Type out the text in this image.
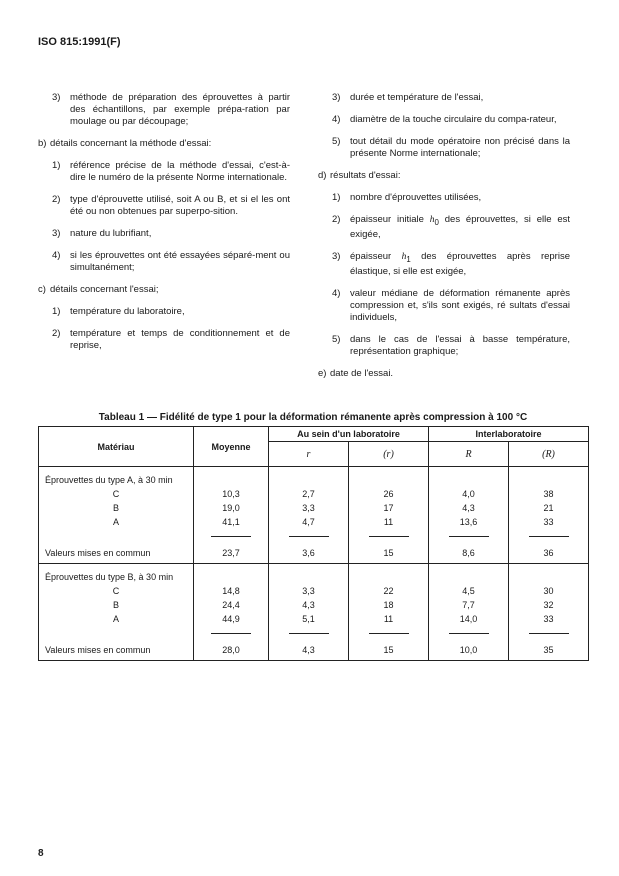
ISO 815:1991(F)
3) méthode de préparation des éprouvettes à partir des échantillons, par exemple prépa-ration par moulage ou par découpage;
b) détails concernant la méthode d'essai:
1) référence précise de la méthode d'essai, c'est-à-dire le numéro de la présente Norme internationale.
2) type d'éprouvette utilisé, soit A ou B, et si el les ont été ou non obtenues par superpo-sition.
3) nature du lubrifiant,
4) si les éprouvettes ont été essayées séparé-ment ou simultanément;
c) détails concernant l'essai;
1) température du laboratoire,
2) température et temps de conditionnement et de reprise,
3) durée et température de l'essai,
4) diamètre de la touche circulaire du compa-rateur,
5) tout détail du mode opératoire non précisé dans la présente Norme internationale;
d) résultats d'essai:
1) nombre d'éprouvettes utilisées,
2) épaisseur initiale $h_0$ des éprouvettes, si elle est exigée,
3) épaisseur $h_1$ des éprouvettes après reprise élastique, si elle est exigée,
4) valeur médiane de déformation rémanente après compression et, s'ils sont exigés, ré sultats d'essai individuels,
5) dans le cas de l'essai à basse température, représentation graphique;
e) date de l'essai.
Tableau 1 — Fidélité de type 1 pour la déformation rémanente après compression à 100 °C
Matériau	Moyenne	Au sein d'un laboratoire		Interlaboratoire	
		r	(r)	R	(R)

Éprouvettes du type A, à 30 min					
C	10,3	2,7	26	4,0	38
B	19,0	3,3	17	4,3	21
A	41,1	4,7	11	13,6	33

Valeurs mises en commun	23,7	3,6	15	8,6	36

Éprouvettes du type B, à 30 min					
C	14,8	3,3	22	4,5	30
B	24,4	4,3	18	7,7	32
A	44,9	5,1	11	14,0	33

Valeurs mises en commun	28,0	4,3	15	10,0	35
8
